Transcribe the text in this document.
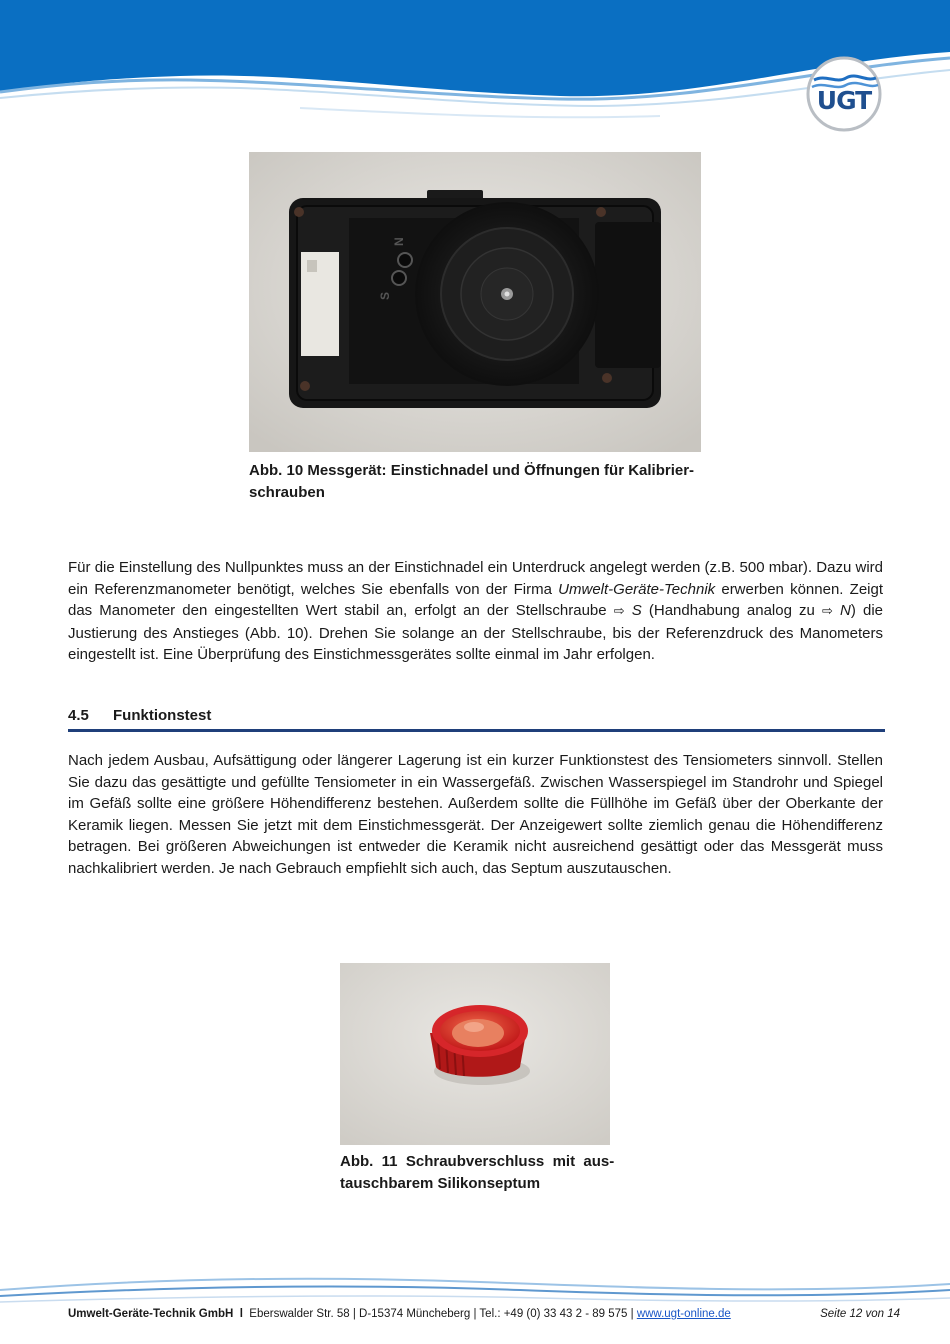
UGT
N
S
Abb. 10 Messgerät: Einstichnadel und Öffnungen für Kalibrier-
schrauben
Für die Einstellung des Nullpunktes muss an der Einstichnadel ein Unterdruck angelegt werden (z.B. 500 mbar). Dazu wird ein Referenzmanometer benötigt, welches Sie ebenfalls von der Firma Umwelt-Geräte-Technik erwerben können. Zeigt das Manometer den eingestellten Wert stabil an, erfolgt an der Stellschraube ⇨ S (Handhabung analog zu ⇨ N) die Justierung des Anstieges (Abb. 10). Drehen Sie solange an der Stellschraube, bis der Referenzdruck des Manometers eingestellt ist. Eine Überprüfung des Einstichmessgerätes sollte einmal im Jahr erfolgen.
4.5 Funktionstest
Nach jedem Ausbau, Aufsättigung oder längerer Lagerung ist ein kurzer Funktionstest des Tensiometers sinnvoll. Stellen Sie dazu das gesättigte und gefüllte Tensiometer in ein Wassergefäß. Zwischen Wasserspiegel im Standrohr und Spiegel im Gefäß sollte eine größere Höhendifferenz bestehen. Außerdem sollte die Füllhöhe im Gefäß über der Oberkante der Keramik liegen. Messen Sie jetzt mit dem Einstichmessgerät. Der Anzeigewert sollte ziemlich genau die Höhendifferenz betragen. Bei größeren Abweichungen ist entweder die Keramik nicht ausreichend gesättigt oder das Messgerät muss nachkalibriert werden. Je nach Gebrauch empfiehlt sich auch, das Septum auszutauschen.
Abb.  11  Schraubverschluss  mit  aus-
tauschbarem Silikonseptum
Umwelt-Geräte-Technik GmbH l Eberswalder Str. 58 | D-15374 Müncheberg | Tel.: +49 (0) 33 43 2 - 89 575 | www.ugt-online.de	Seite 12 von 14
